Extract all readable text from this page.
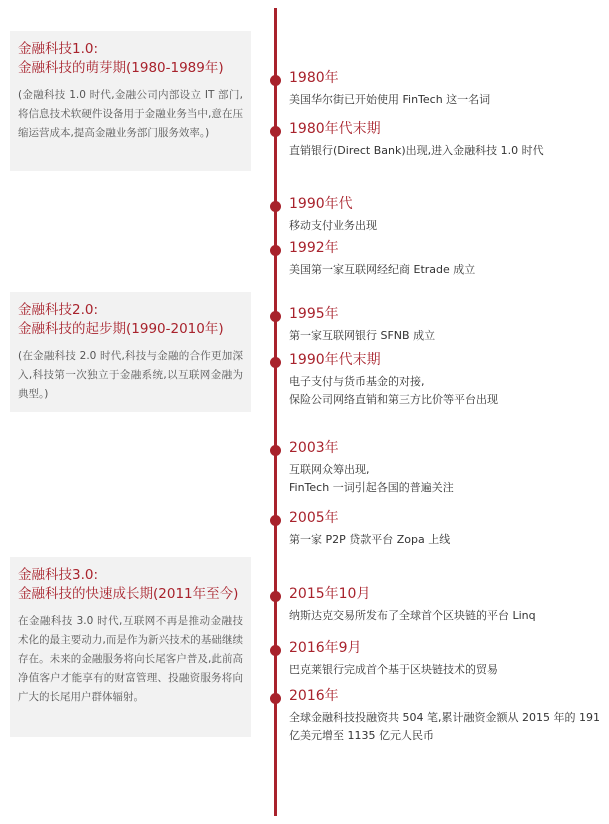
金融科技1.0:
金融科技的萌芽期(1980-1989年)
(金融科技 1.0 时代,金融公司内部设立 IT 部门,将信息技术软硬件设备用于金融业务当中,意在压缩运营成本,提高金融业务部门服务效率。)
金融科技2.0:
金融科技的起步期(1990-2010年)
(在金融科技 2.0 时代,科技与金融的合作更加深入,科技第一次独立于金融系统,以互联网金融为典型。)
金融科技3.0:
金融科技的快速成长期(2011年至今)
在金融科技 3.0 时代,互联网不再是推动金融技术化的最主要动力,而是作为新兴技术的基础继续存在。未来的金融服务将向长尾客户普及,此前高净值客户才能享有的财富管理、投融资服务将向广大的长尾用户群体辐射。
1980年
美国华尔街已开始使用 FinTech 这一名词
1980年代末期
直销银行(Direct Bank)出现,进入金融科技 1.0 时代
1990年代
移动支付业务出现
1992年
美国第一家互联网经纪商 Etrade 成立
1995年
第一家互联网银行 SFNB 成立
1990年代末期
电子支付与货币基金的对接,
保险公司网络直销和第三方比价等平台出现
2003年
互联网众筹出现,
FinTech 一词引起各国的普遍关注
2005年
第一家 P2P 贷款平台 Zopa 上线
2015年10月
纳斯达克交易所发布了全球首个区块链的平台 Linq
2016年9月
巴克莱银行完成首个基于区块链技术的贸易
2016年
全球金融科技投融资共 504 笔,累计融资金额从 2015 年的 191
亿美元增至 1135 亿元人民币
